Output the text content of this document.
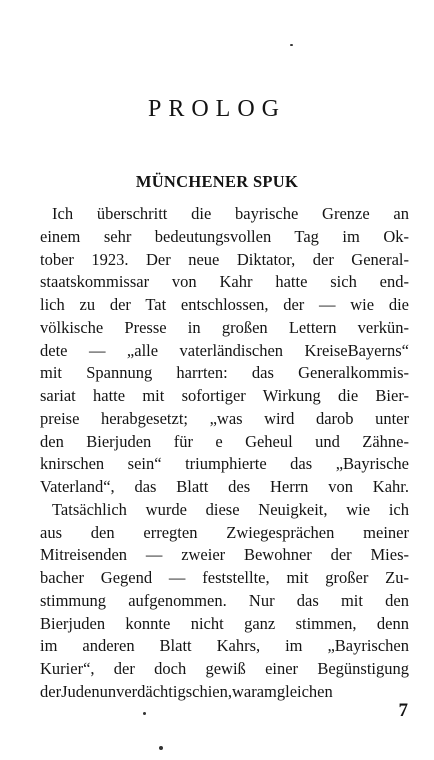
PROLOG
MÜNCHENER SPUK
Ich überschritt die bayrische Grenze an
einem sehr bedeutungsvollen Tag im Ok-
tober 1923. Der neue Diktator, der General-
staatskommissar von Kahr hatte sich end-
lich zu der Tat entschlossen, der — wie die
völkische Presse in großen Lettern verkün-
dete — „alle vaterländischen KreiseBayerns“
mit Spannung harrten: das Generalkommis-
sariat hatte mit sofortiger Wirkung die Bier-
preise herabgesetzt; „was wird darob unter
den Bierjuden für e Geheul und Zähne-
knirschen sein“ triumphierte das „Bayrische
Vaterland“, das Blatt des Herrn von Kahr.
Tatsächlich wurde diese Neuigkeit, wie ich
aus den erregten Zwiegesprächen meiner
Mitreisenden — zweier Bewohner der Mies-
bacher Gegend — feststellte, mit großer Zu-
stimmung aufgenommen. Nur das mit den
Bierjuden konnte nicht ganz stimmen, denn
im anderen Blatt Kahrs, im „Bayrischen
Kurier“, der doch gewiß einer Begünstigung
derJudenunverdächtigschien,waramgleichen
7
